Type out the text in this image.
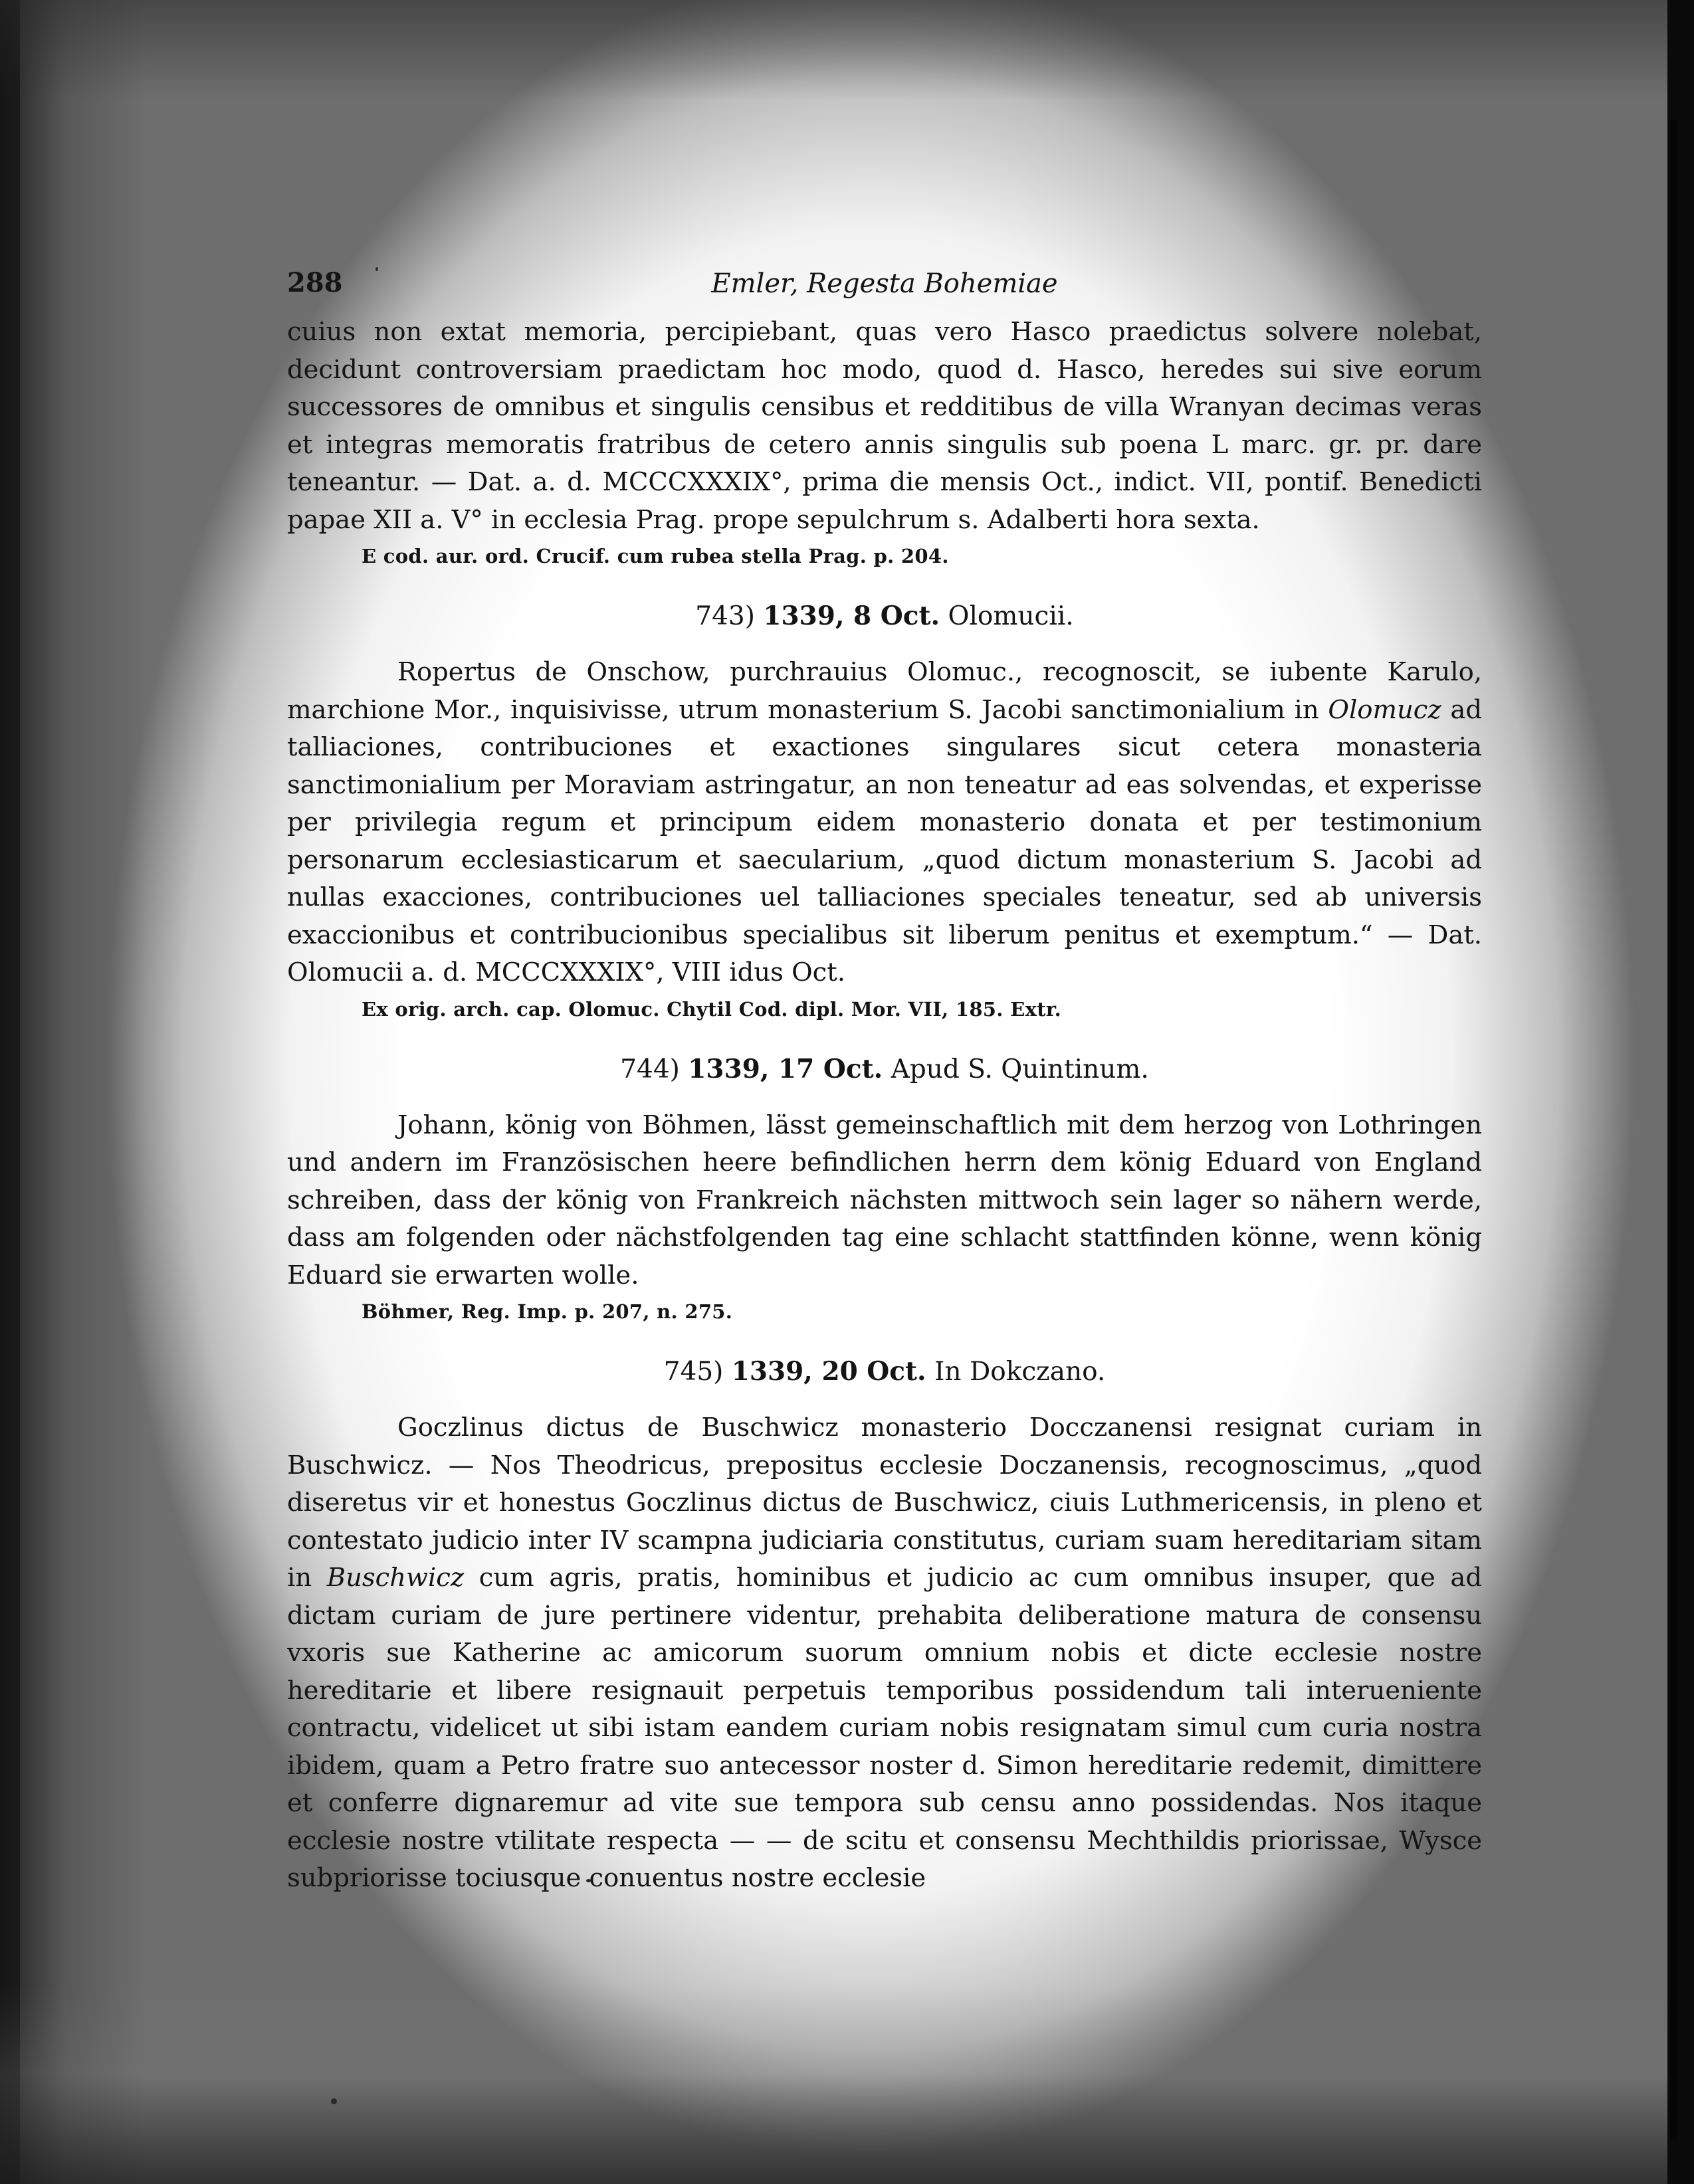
288	Emler, Regesta Bohemiae

cuius non extat memoria, percipiebant, quas vero Hasco praedictus solvere nolebat, decidunt controversiam praedictam hoc modo, quod d. Hasco, heredes sui sive eorum successores de omnibus et singulis censibus et redditibus de villa Wranyan decimas veras et integras memoratis fratribus de cetero annis singulis sub poena L marc. gr. pr. dare teneantur. — Dat. a. d. MCCCXXXIX°, prima die mensis Oct., indict. VII, pontif. Benedicti papae XII a. V° in ecclesia Prag. prope sepulchrum s. Adalberti hora sexta.

E cod. aur. ord. Crucif. cum rubea stella Prag. p. 204.

743) 1339, 8 Oct. Olomucii.

Ropertus de Onschow, purchrauius Olomuc., recognoscit, se iubente Karulo, marchione Mor., inquisivisse, utrum monasterium S. Jacobi sanctimonialium in Olomucz ad talliaciones, contribuciones et exactiones singulares sicut cetera monasteria sanctimonialium per Moraviam astringatur, an non teneatur ad eas solvendas, et experisse per privilegia regum et principum eidem monasterio donata et per testimonium personarum ecclesiasticarum et saecularium, „quod dictum monasterium S. Jacobi ad nullas exacciones, contribuciones uel talliaciones speciales teneatur, sed ab universis exaccionibus et contribucionibus specialibus sit liberum penitus et exemptum.“ — Dat. Olomucii a. d. MCCCXXXIX°, VIII idus Oct.

Ex orig. arch. cap. Olomuc. Chytil Cod. dipl. Mor. VII, 185. Extr.

744) 1339, 17 Oct. Apud S. Quintinum.

Johann, könig von Böhmen, lässt gemeinschaftlich mit dem herzog von Lothringen und andern im Französischen heere befindlichen herrn dem könig Eduard von England schreiben, dass der könig von Frankreich nächsten mittwoch sein lager so nähern werde, dass am folgenden oder nächstfolgenden tag eine schlacht stattfinden könne, wenn könig Eduard sie erwarten wolle.

Böhmer, Reg. Imp. p. 207, n. 275.

745) 1339, 20 Oct. In Dokczano.

Goczlinus dictus de Buschwicz monasterio Docczanensi resignat curiam in Buschwicz. — Nos Theodricus, prepositus ecclesie Doczanensis, recognoscimus, „quod diseretus vir et honestus Goczlinus dictus de Buschwicz, ciuis Luthmericensis, in pleno et contestato judicio inter IV scampna judiciaria constitutus, curiam suam hereditariam sitam in Buschwicz cum agris, pratis, hominibus et judicio ac cum omnibus insuper, que ad dictam curiam de jure pertinere videntur, prehabita deliberatione matura de consensu vxoris sue Katherine ac amicorum suorum omnium nobis et dicte ecclesie nostre hereditarie et libere resignauit perpetuis temporibus possidendum tali interueniente contractu, videlicet ut sibi istam eandem curiam nobis resignatam simul cum curia nostra ibidem, quam a Petro fratre suo antecessor noster d. Simon hereditarie redemit, dimittere et conferre dignaremur ad vite sue tempora sub censu anno possidendas. Nos itaque ecclesie nostre vtilitate respecta — — de scitu et consensu Mechthildis priorissae, Wysce subpriorisse tociusque conuentus nostre ecclesie
